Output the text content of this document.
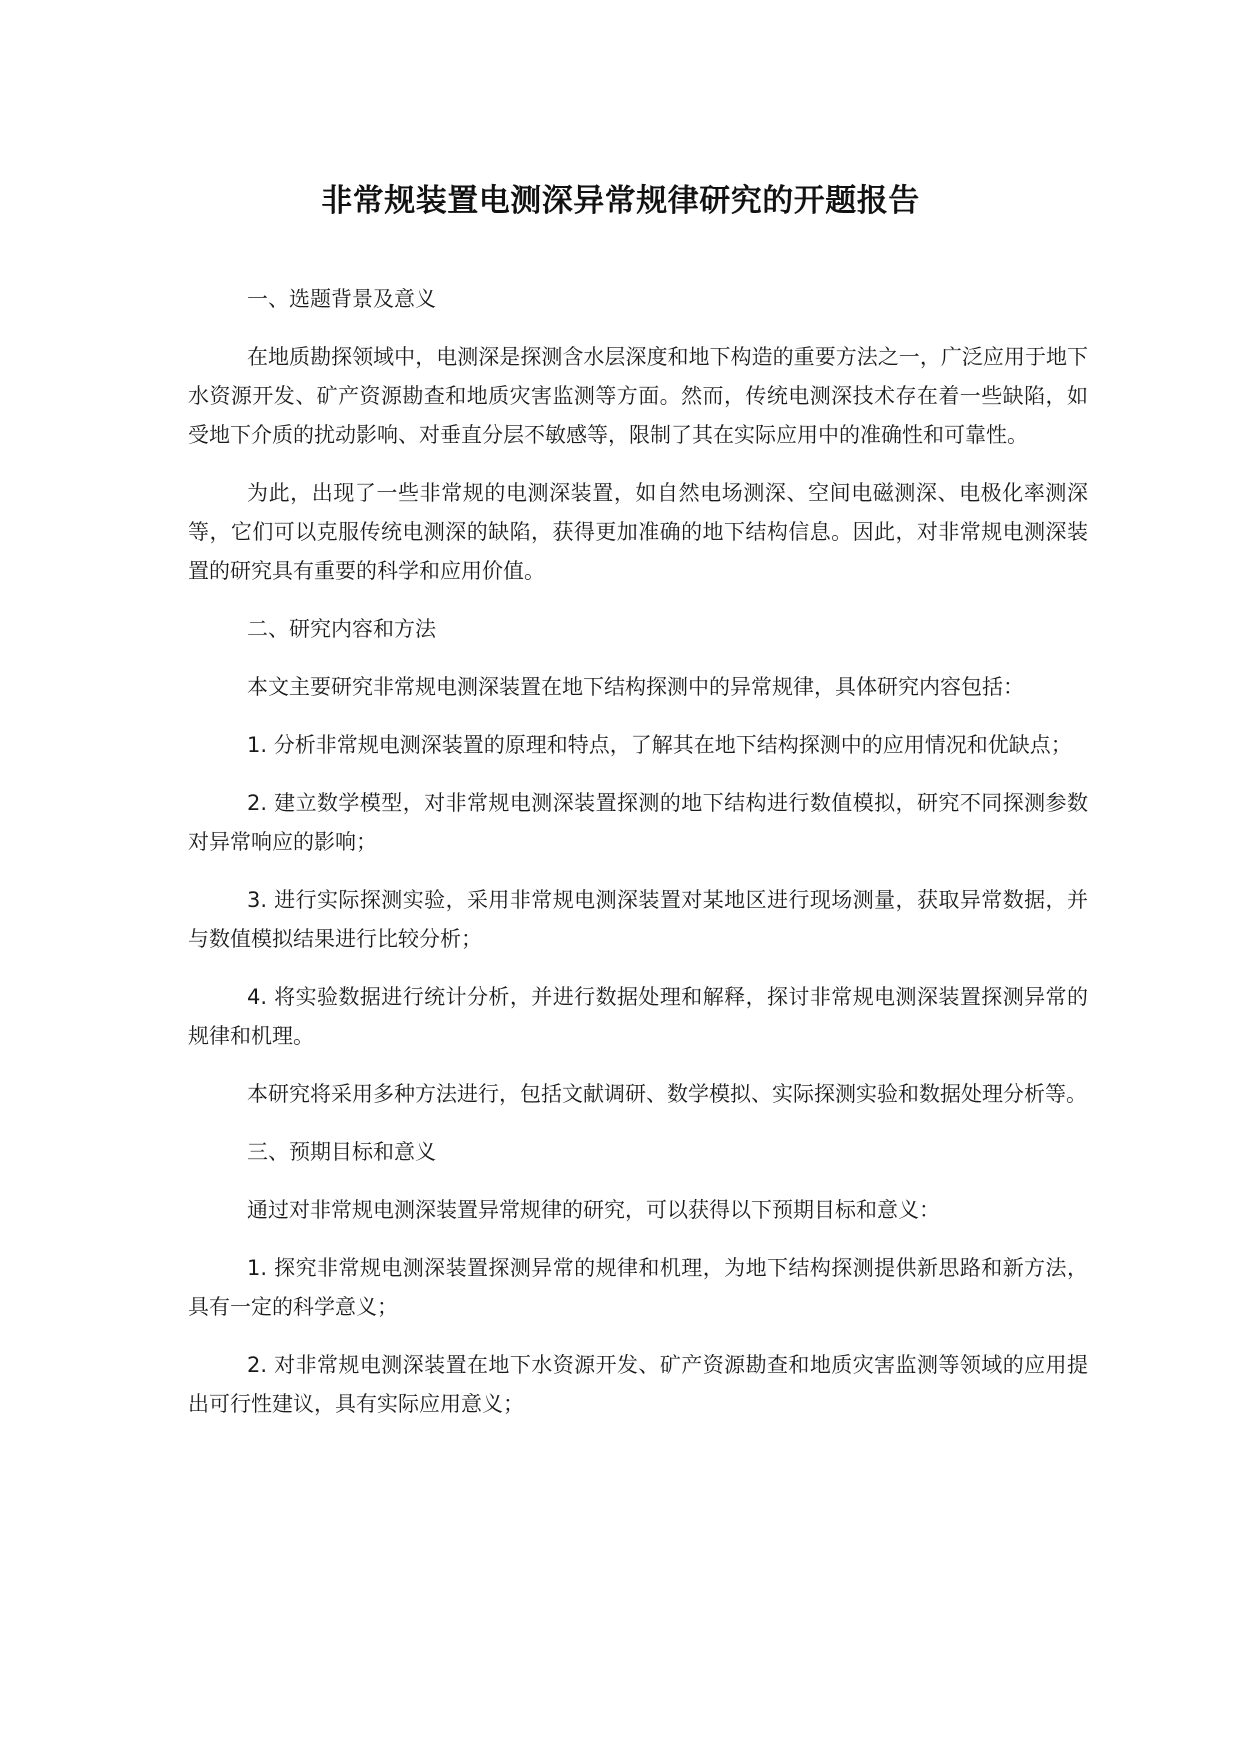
非常规装置电测深异常规律研究的开题报告

一、选题背景及意义

在地质勘探领域中，电测深是探测含水层深度和地下构造的重要方法之一，广泛应用于地下水资源开发、矿产资源勘查和地质灾害监测等方面。然而，传统电测深技术存在着一些缺陷，如受地下介质的扰动影响、对垂直分层不敏感等，限制了其在实际应用中的准确性和可靠性。

为此，出现了一些非常规的电测深装置，如自然电场测深、空间电磁测深、电极化率测深等，它们可以克服传统电测深的缺陷，获得更加准确的地下结构信息。因此，对非常规电测深装置的研究具有重要的科学和应用价值。

二、研究内容和方法

本文主要研究非常规电测深装置在地下结构探测中的异常规律，具体研究内容包括：

1. 分析非常规电测深装置的原理和特点，了解其在地下结构探测中的应用情况和优缺点；

2. 建立数学模型，对非常规电测深装置探测的地下结构进行数值模拟，研究不同探测参数对异常响应的影响；

3. 进行实际探测实验，采用非常规电测深装置对某地区进行现场测量，获取异常数据，并与数值模拟结果进行比较分析；

4. 将实验数据进行统计分析，并进行数据处理和解释，探讨非常规电测深装置探测异常的规律和机理。

本研究将采用多种方法进行，包括文献调研、数学模拟、实际探测实验和数据处理分析等。

三、预期目标和意义

通过对非常规电测深装置异常规律的研究，可以获得以下预期目标和意义：

1. 探究非常规电测深装置探测异常的规律和机理，为地下结构探测提供新思路和新方法，具有一定的科学意义；

2. 对非常规电测深装置在地下水资源开发、矿产资源勘查和地质灾害监测等领域的应用提出可行性建议，具有实际应用意义；
